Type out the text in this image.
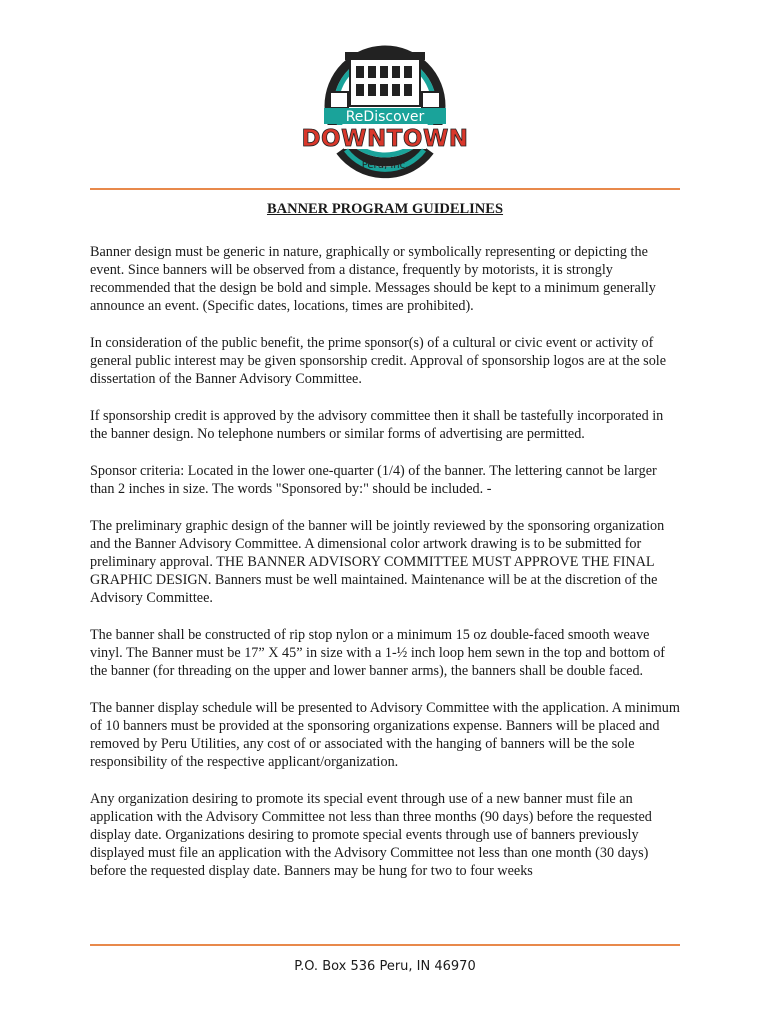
ReDiscover
DOWNTOWN
Peru, Inc.
BANNER PROGRAM GUIDELINES

Banner design must be generic in nature, graphically or symbolically representing or depicting the event. Since banners will be observed from a distance, frequently by motorists, it is strongly recommended that the design be bold and simple. Messages should be kept to a minimum generally announce an event. (Specific dates, locations, times are prohibited).

In consideration of the public benefit, the prime sponsor(s) of a cultural or civic event or activity of general public interest may be given sponsorship credit. Approval of sponsorship logos are at the sole dissertation of the Banner Advisory Committee.

If sponsorship credit is approved by the advisory committee then it shall be tastefully incorporated in the banner design. No telephone numbers or similar forms of advertising are permitted.

Sponsor criteria: Located in the lower one-quarter (1/4) of the banner. The lettering cannot be larger than 2 inches in size. The words "Sponsored by:" should be included. -

The preliminary graphic design of the banner will be jointly reviewed by the sponsoring organization and the Banner Advisory Committee. A dimensional color artwork drawing is to be submitted for preliminary approval. THE BANNER ADVISORY COMMITTEE MUST APPROVE THE FINAL GRAPHIC DESIGN. Banners must be well maintained. Maintenance will be at the discretion of the Advisory Committee.

The banner shall be constructed of rip stop nylon or a minimum 15 oz double-faced smooth weave vinyl. The Banner must be 17” X 45” in size with a 1-½ inch loop hem sewn in the top and bottom of the banner (for threading on the upper and lower banner arms), the banners shall be double faced.

The banner display schedule will be presented to Advisory Committee with the application. A minimum of 10 banners must be provided at the sponsoring organizations expense. Banners will be placed and removed by Peru Utilities, any cost of or associated with the hanging of banners will be the sole responsibility of the respective applicant/organization.

Any organization desiring to promote its special event through use of a new banner must file an application with the Advisory Committee not less than three months (90 days) before the requested display date. Organizations desiring to promote special events through use of banners previously displayed must file an application with the Advisory Committee not less than one month (30 days) before the requested display date. Banners may be hung for two to four weeks

P.O. Box 536 Peru, IN 46970
